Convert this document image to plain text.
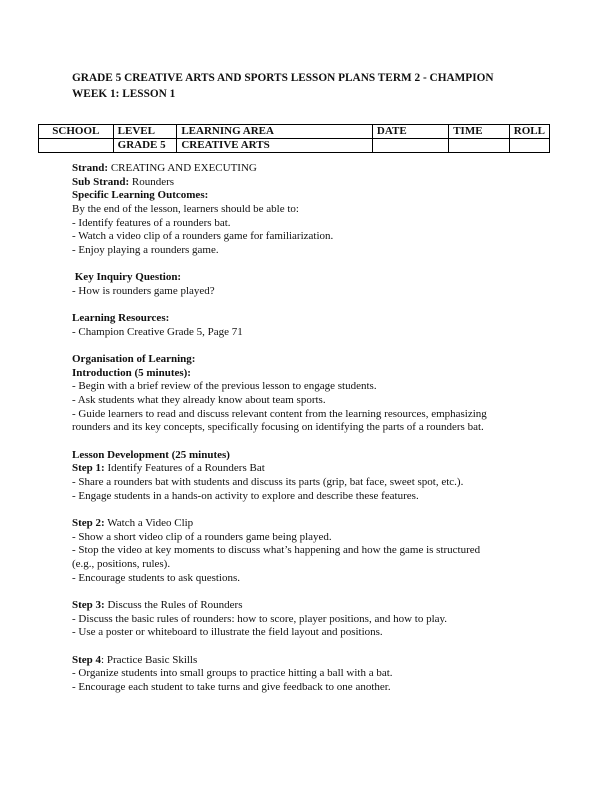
GRADE 5 CREATIVE ARTS AND SPORTS LESSON PLANS TERM 2 - CHAMPION
WEEK 1: LESSON 1
SCHOOL	LEVEL	LEARNING AREA	DATE	TIME	ROLL
	GRADE 5	CREATIVE ARTS			
Strand: CREATING AND EXECUTING
Sub Strand: Rounders
Specific Learning Outcomes:
By the end of the lesson, learners should be able to:
- Identify features of a rounders bat.
- Watch a video clip of a rounders game for familiarization.
- Enjoy playing a rounders game.
Key Inquiry Question:
- How is rounders game played?
Learning Resources:
- Champion Creative Grade 5, Page 71
Organisation of Learning:
Introduction (5 minutes):
- Begin with a brief review of the previous lesson to engage students.
- Ask students what they already know about team sports.
- Guide learners to read and discuss relevant content from the learning resources, emphasizing
rounders and its key concepts, specifically focusing on identifying the parts of a rounders bat.
Lesson Development (25 minutes)
Step 1: Identify Features of a Rounders Bat
- Share a rounders bat with students and discuss its parts (grip, bat face, sweet spot, etc.).
- Engage students in a hands-on activity to explore and describe these features.
Step 2: Watch a Video Clip
- Show a short video clip of a rounders game being played.
- Stop the video at key moments to discuss what’s happening and how the game is structured
(e.g., positions, rules).
- Encourage students to ask questions.
Step 3: Discuss the Rules of Rounders
- Discuss the basic rules of rounders: how to score, player positions, and how to play.
- Use a poster or whiteboard to illustrate the field layout and positions.
Step 4: Practice Basic Skills
- Organize students into small groups to practice hitting a ball with a bat.
- Encourage each student to take turns and give feedback to one another.
